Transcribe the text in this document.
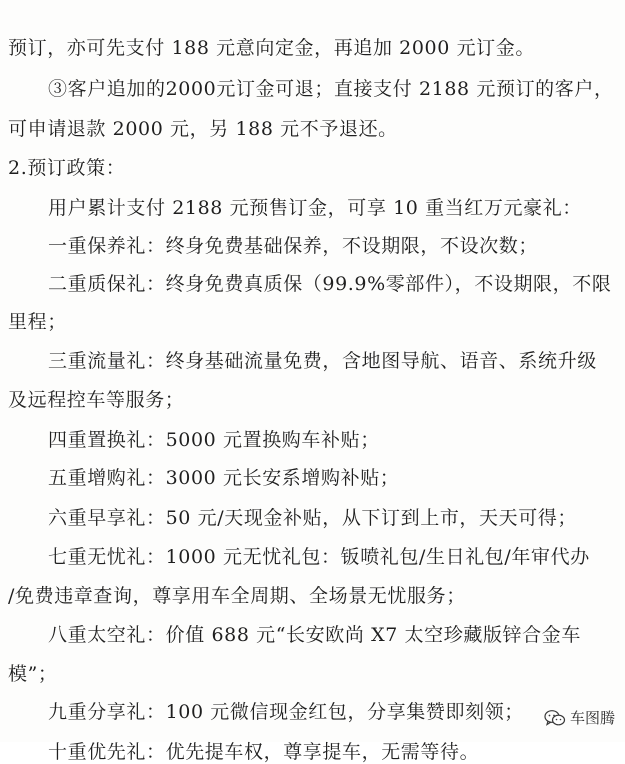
预订，亦可先支付 188 元意向定金，再追加 2000 元订金。
③客户追加的2000元订金可退；直接支付 2188 元预订的客户，
可申请退款 2000 元，另 188 元不予退还。
2.预订政策：
用户累计支付 2188 元预售订金，可享 10 重当红万元豪礼：
一重保养礼：终身免费基础保养，不设期限，不设次数；
二重质保礼：终身免费真质保（99.9%零部件），不设期限，不限
里程；
三重流量礼：终身基础流量免费，含地图导航、语音、系统升级
及远程控车等服务；
四重置换礼：5000 元置换购车补贴；
五重增购礼：3000 元长安系增购补贴；
六重早享礼：50 元/天现金补贴，从下订到上市，天天可得；
七重无忧礼：1000 元无忧礼包：钣喷礼包/生日礼包/年审代办
/免费违章查询，尊享用车全周期、全场景无忧服务；
八重太空礼：价值 688 元“长安欧尚 X7 太空珍藏版锌合金车
模”；
九重分享礼：100 元微信现金红包，分享集赞即刻领；
十重优先礼：优先提车权，尊享提车，无需等待。
车图腾
